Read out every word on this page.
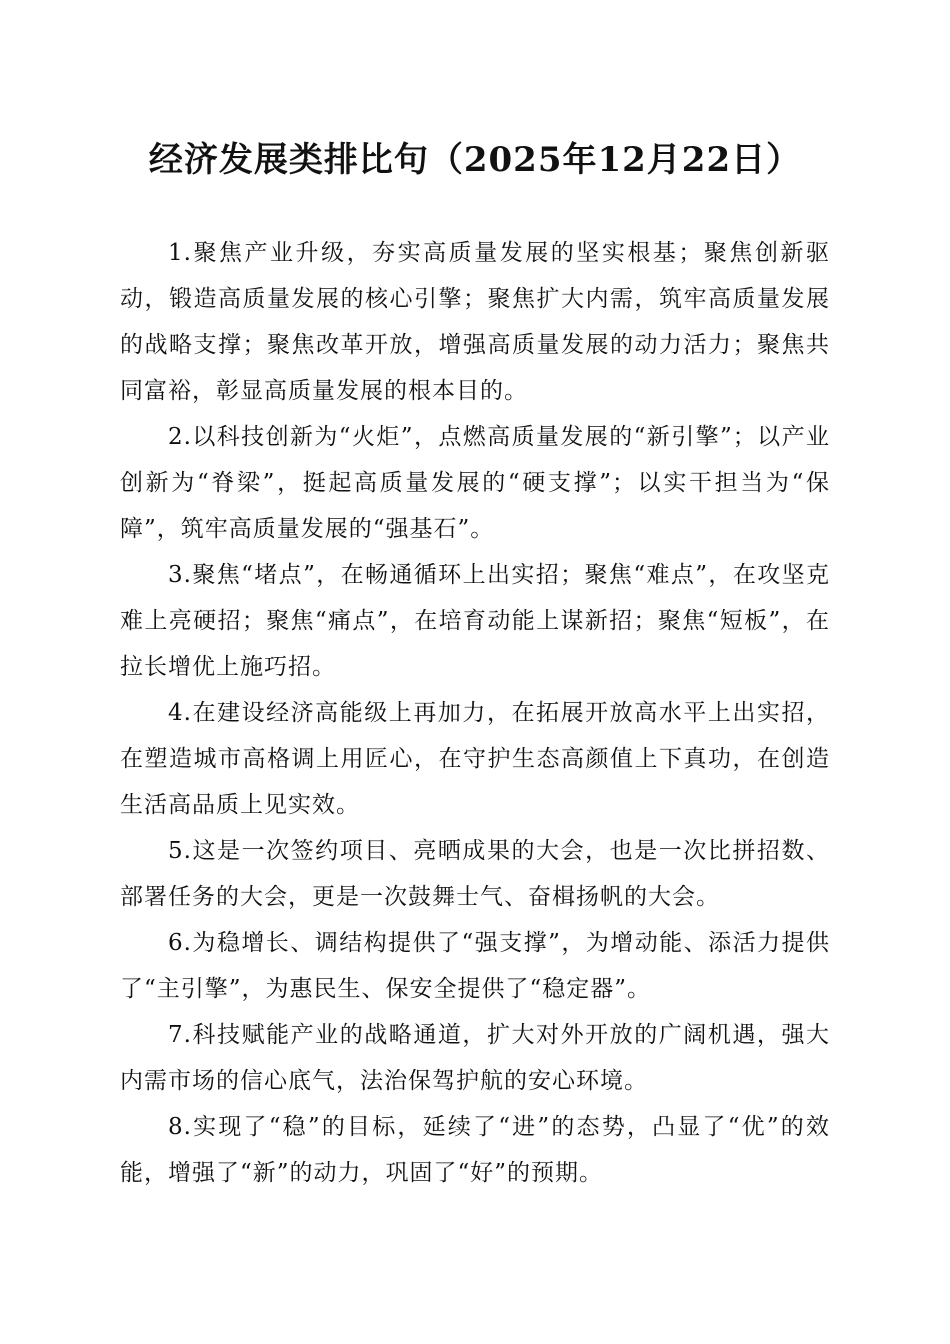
经济发展类排比句（2025年12月22日）

1.聚焦产业升级，夯实高质量发展的坚实根基；聚焦创新驱动，锻造高质量发展的核心引擎；聚焦扩大内需，筑牢高质量发展的战略支撑；聚焦改革开放，增强高质量发展的动力活力；聚焦共同富裕，彰显高质量发展的根本目的。

2.以科技创新为“火炬”，点燃高质量发展的“新引擎”；以产业创新为“脊梁”，挺起高质量发展的“硬支撑”；以实干担当为“保障”，筑牢高质量发展的“强基石”。

3.聚焦“堵点”，在畅通循环上出实招；聚焦“难点”，在攻坚克难上亮硬招；聚焦“痛点”，在培育动能上谋新招；聚焦“短板”，在拉长增优上施巧招。

4.在建设经济高能级上再加力，在拓展开放高水平上出实招，在塑造城市高格调上用匠心，在守护生态高颜值上下真功，在创造生活高品质上见实效。

5.这是一次签约项目、亮晒成果的大会，也是一次比拼招数、部署任务的大会，更是一次鼓舞士气、奋楫扬帆的大会。

6.为稳增长、调结构提供了“强支撑”，为增动能、添活力提供了“主引擎”，为惠民生、保安全提供了“稳定器”。

7.科技赋能产业的战略通道，扩大对外开放的广阔机遇，强大内需市场的信心底气，法治保驾护航的安心环境。

8.实现了“稳”的目标，延续了“进”的态势，凸显了“优”的效能，增强了“新”的动力，巩固了“好”的预期。
